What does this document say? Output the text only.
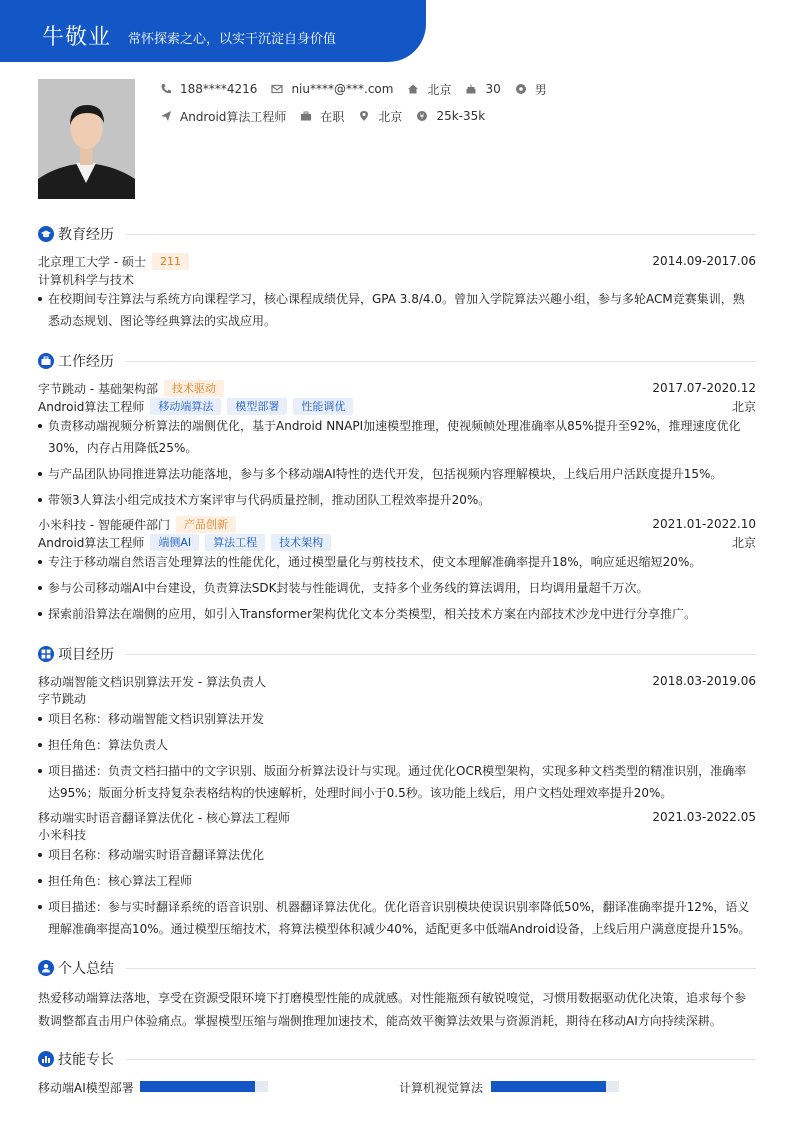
牛敬业 常怀探索之心，以实干沉淀自身价值
188****4216	niu****@***.com	北京	30	男
Android算法工程师	在职	北京	¥ 25k-35k
教育经历
北京理工大学 - 硕士	211	2014.09-2017.06
计算机科学与技术
在校期间专注算法与系统方向课程学习，核心课程成绩优异，GPA 3.8/4.0。曾加入学院算法兴趣小组，参与多轮ACM竞赛集训，熟悉动态规划、图论等经典算法的实战应用。
工作经历
字节跳动 - 基础架构部	技术驱动	2017.07-2020.12
Android算法工程师	移动端算法	模型部署	性能调优	北京
负责移动端视频分析算法的端侧优化，基于Android NNAPI加速模型推理，使视频帧处理准确率从85%提升至92%，推理速度优化30%，内存占用降低25%。
与产品团队协同推进算法功能落地，参与多个移动端AI特性的迭代开发，包括视频内容理解模块，上线后用户活跃度提升15%。
带领3人算法小组完成技术方案评审与代码质量控制，推动团队工程效率提升20%。
小米科技 - 智能硬件部门	产品创新	2021.01-2022.10
Android算法工程师	端侧AI	算法工程	技术架构	北京
专注于移动端自然语言处理算法的性能优化，通过模型量化与剪枝技术，使文本理解准确率提升18%，响应延迟缩短20%。
参与公司移动端AI中台建设，负责算法SDK封装与性能调优，支持多个业务线的算法调用，日均调用量超千万次。
探索前沿算法在端侧的应用，如引入Transformer架构优化文本分类模型，相关技术方案在内部技术沙龙中进行分享推广。
项目经历
移动端智能文档识别算法开发 - 算法负责人	2018.03-2019.06
字节跳动
项目名称：移动端智能文档识别算法开发
担任角色：算法负责人
项目描述：负责文档扫描中的文字识别、版面分析算法设计与实现。通过优化OCR模型架构，实现多种文档类型的精准识别，准确率达95%；版面分析支持复杂表格结构的快速解析，处理时间小于0.5秒。该功能上线后，用户文档处理效率提升20%。
移动端实时语音翻译算法优化 - 核心算法工程师	2021.03-2022.05
小米科技
项目名称：移动端实时语音翻译算法优化
担任角色：核心算法工程师
项目描述：参与实时翻译系统的语音识别、机器翻译算法优化。优化语音识别模块使误识别率降低50%，翻译准确率提升12%，语义理解准确率提高10%。通过模型压缩技术，将算法模型体积减少40%，适配更多中低端Android设备，上线后用户满意度提升15%。
个人总结
热爱移动端算法落地，享受在资源受限环境下打磨模型性能的成就感。对性能瓶颈有敏锐嗅觉，习惯用数据驱动优化决策，追求每个参数调整都直击用户体验痛点。掌握模型压缩与端侧推理加速技术，能高效平衡算法效果与资源消耗，期待在移动AI方向持续深耕。
技能专长
移动端AI模型部署	计算机视觉算法
